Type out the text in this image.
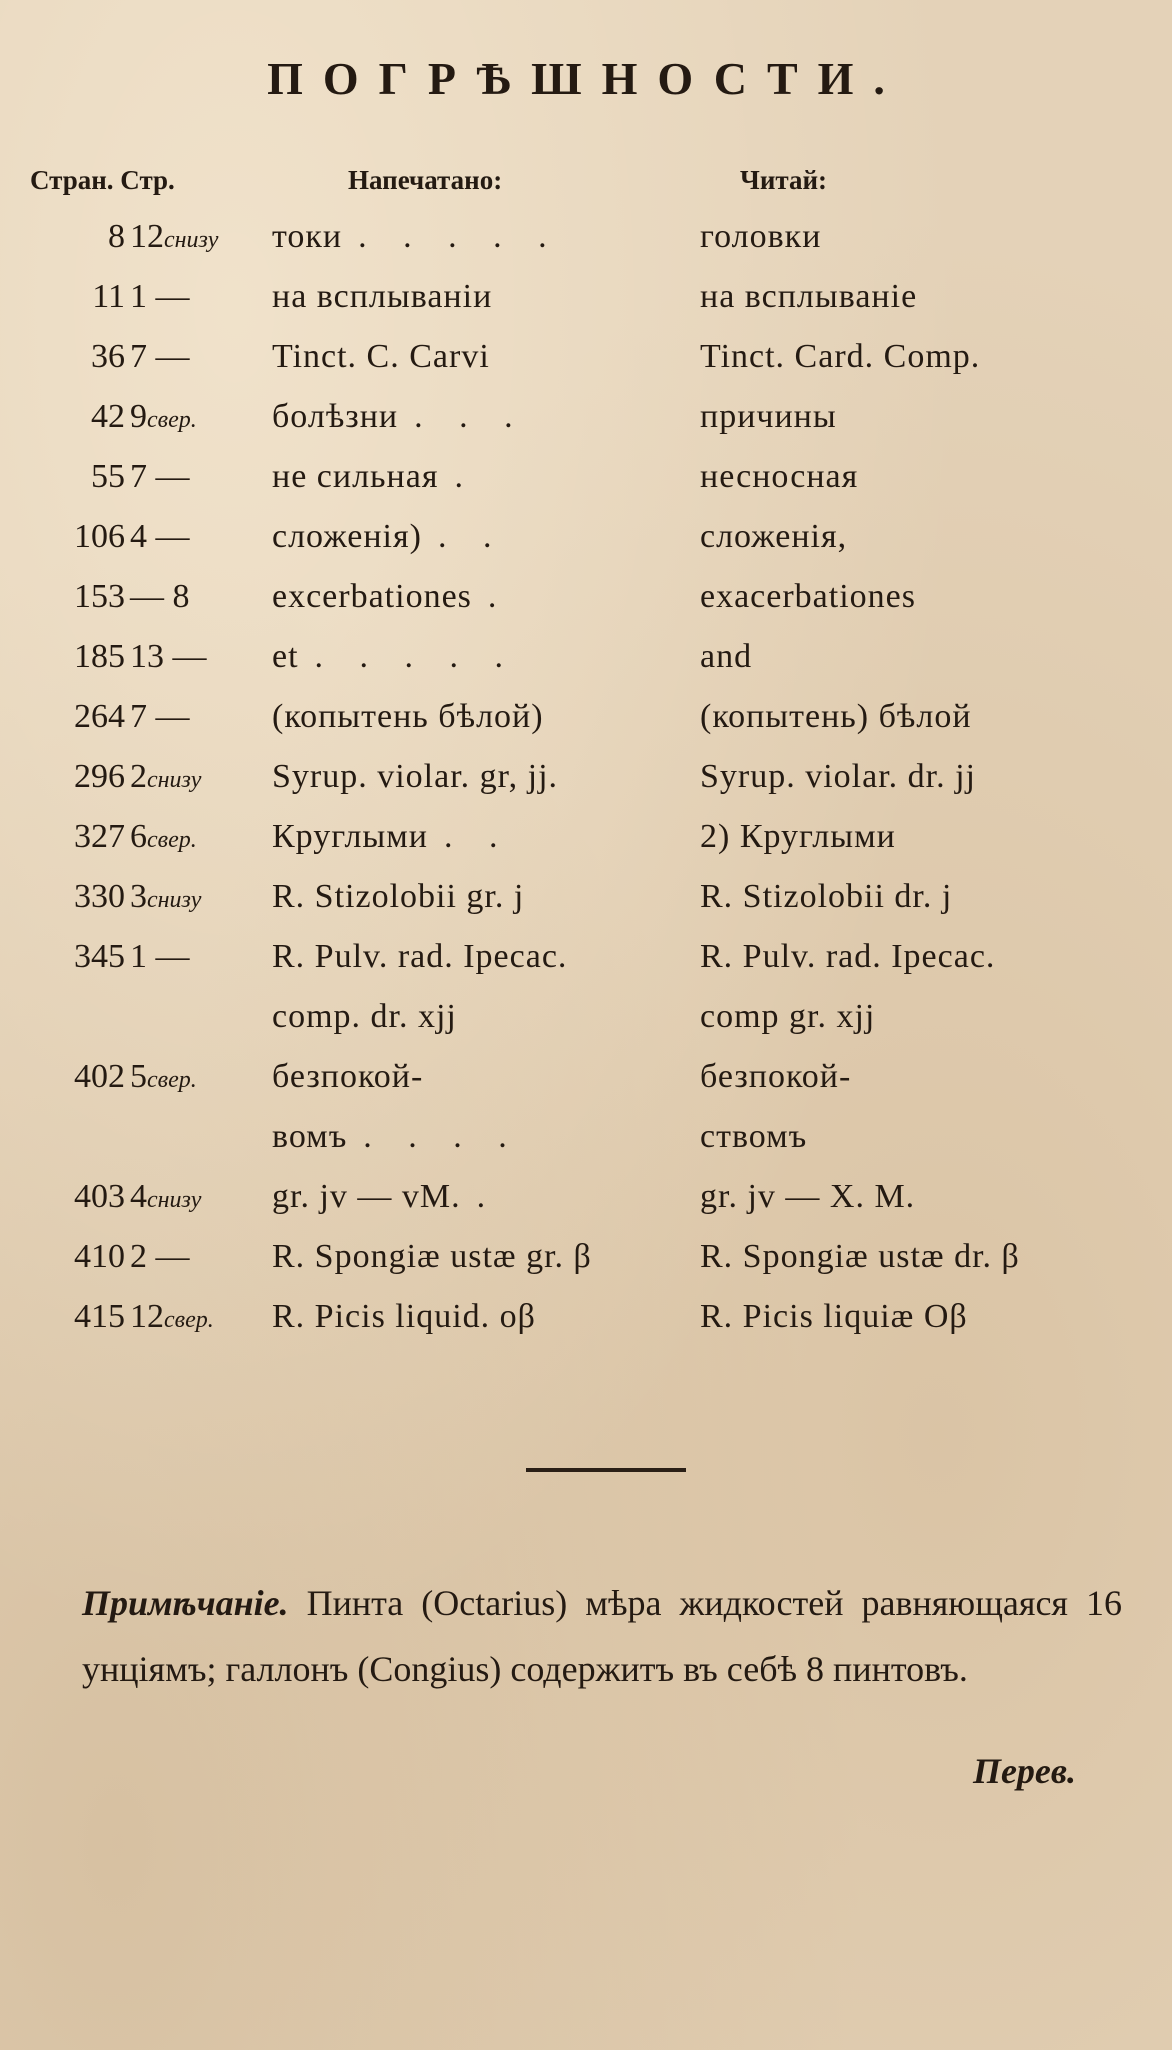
ПОГРѢШНОСТИ.
Стран. Стр.	Напечатано:	Читай:
8 12снизу	токи . . . . .	головки
11 1 —	на всплываніи	на всплываніе
36 7 —	Tinct. C. Carvi	Tinct. Card. Comp.
42 9свер.	болѣзни . . .	причины
55 7 —	не сильная .	несносная
106 4 —	сложенія) . .	сложенія,
153 — 8	excerbationes .	exacerbationes
185 13 —	et . . . . .	and
264 7 —	(копытень бѣлой)	(копытень) бѣлой
296 2снизу	Syrup. violar. gr, jj.	Syrup. violar. dr. jj
327 6свер.	Круглыми . .	2) Круглыми
330 3снизу	R. Stizolobii gr. j	R. Stizolobii dr. j
345 1 —	R. Pulv. rad. Ipecac.	R. Pulv. rad. Ipecac.
comp. dr. xjj	comp gr. xjj
402 5свер.	безпокой-	безпокой-
вомъ . . . .	ствомъ
403 4снизу	gr. jv — vM. .	gr. jv — X. M.
410 2 —	R. Spongiæ ustæ gr. β	R. Spongiæ ustæ dr. β
415 12свер.	R. Picis liquid. oβ	R. Picis liquiæ Oβ
Примѣчаніе. Пинта (Octarius) мѣра жидкостей равняющаяся 16 унціямъ; галлонъ (Congius) содержитъ въ себѣ 8 пинтовъ.
Перев.
